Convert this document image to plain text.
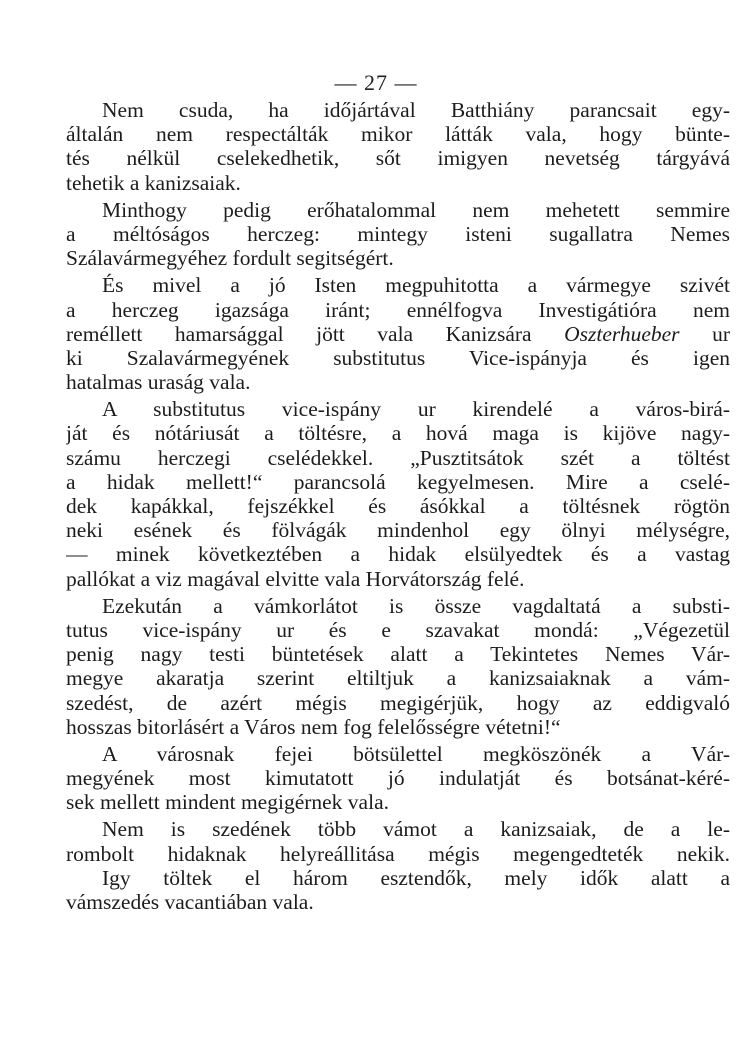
— 27 —
Nem csuda, ha időjártával Batthiány parancsait egy-
általán nem respectálták mikor látták vala, hogy bünte-
tés nélkül cselekedhetik, sőt imigyen nevetség tárgyává
tehetik a kanizsaiak.
Minthogy pedig erőhatalommal nem mehetett semmire
a méltóságos herczeg: mintegy isteni sugallatra Nemes
Szálavármegyéhez fordult segitségért.
És mivel a jó Isten megpuhitotta a vármegye szivét
a herczeg igazsága iránt; ennélfogva Investigátióra nem
reméllett hamarsággal jött vala Kanizsára Oszterhueber ur
ki Szalavármegyének substitutus Vice-ispányja és igen
hatalmas uraság vala.
A substitutus vice-ispány ur kirendelé a város-birá-
ját és nótáriusát a töltésre, a hová maga is kijöve nagy-
számu herczegi cselédekkel. „Pusztitsátok szét a töltést
a hidak mellett!“ parancsolá kegyelmesen. Mire a cselé-
dek kapákkal, fejszékkel és ásókkal a töltésnek rögtön
neki esének és fölvágák mindenhol egy ölnyi mélységre,
— minek következtében a hidak elsülyedtek és a vastag
pallókat a viz magával elvitte vala Horvátország felé.
Ezekután a vámkorlátot is össze vagdaltatá a substi-
tutus vice-ispány ur és e szavakat mondá: „Végezetül
penig nagy testi büntetések alatt a Tekintetes Nemes Vár-
megye akaratja szerint eltiltjuk a kanizsaiaknak a vám-
szedést, de azért mégis megigérjük, hogy az eddigvaló
hosszas bitorlásért a Város nem fog felelősségre vétetni!“
A városnak fejei bötsülettel megköszönék a Vár-
megyének most kimutatott jó indulatját és botsánat-kéré-
sek mellett mindent megigérnek vala.
Nem is szedének több vámot a kanizsaiak, de a le-
rombolt hidaknak helyreállitása mégis megengedteték nekik.
Igy töltek el három esztendők, mely idők alatt a
vámszedés vacantiában vala.
